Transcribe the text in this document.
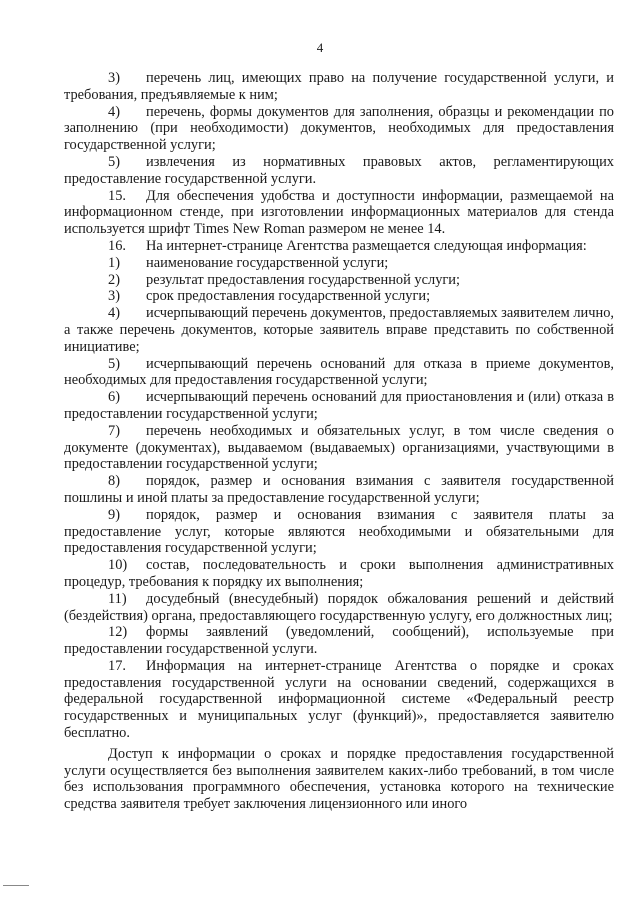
4

3) перечень лиц, имеющих право на получение государственной услуги, и требования, предъявляемые к ним;

4) перечень, формы документов для заполнения, образцы и рекомендации по заполнению (при необходимости) документов, необходимых для предоставления государственной услуги;

5) извлечения из нормативных правовых актов, регламентирующих предоставление государственной услуги.

15. Для обеспечения удобства и доступности информации, размещаемой на информационном стенде, при изготовлении информационных материалов для стенда используется шрифт Times New Roman размером не менее 14.

16. На интернет-странице Агентства размещается следующая информация:

1) наименование государственной услуги;

2) результат предоставления государственной услуги;

3) срок предоставления государственной услуги;

4) исчерпывающий перечень документов, предоставляемых заявителем лично, а также перечень документов, которые заявитель вправе представить по собственной инициативе;

5) исчерпывающий перечень оснований для отказа в приеме документов, необходимых для предоставления государственной услуги;

6) исчерпывающий перечень оснований для приостановления и (или) отказа в предоставлении государственной услуги;

7) перечень необходимых и обязательных услуг, в том числе сведения о документе (документах), выдаваемом (выдаваемых) организациями, участвующими в предоставлении государственной услуги;

8) порядок, размер и основания взимания с заявителя государственной пошлины и иной платы за предоставление государственной услуги;

9) порядок, размер и основания взимания с заявителя платы за предоставление услуг, которые являются необходимыми и обязательными для предоставления государственной услуги;

10) состав, последовательность и сроки выполнения административных процедур, требования к порядку их выполнения;

11) досудебный (внесудебный) порядок обжалования решений и действий (бездействия) органа, предоставляющего государственную услугу, его должностных лиц;

12) формы заявлений (уведомлений, сообщений), используемые при предоставлении государственной услуги.

17. Информация на интернет-странице Агентства о порядке и сроках предоставления государственной услуги на основании сведений, содержащихся в федеральной государственной информационной системе «Федеральный реестр государственных и муниципальных услуг (функций)», предоставляется заявителю бесплатно.

Доступ к информации о сроках и порядке предоставления государственной услуги осуществляется без выполнения заявителем каких-либо требований, в том числе без использования программного обеспечения, установка которого на технические средства заявителя требует заключения лицензионного или иного
